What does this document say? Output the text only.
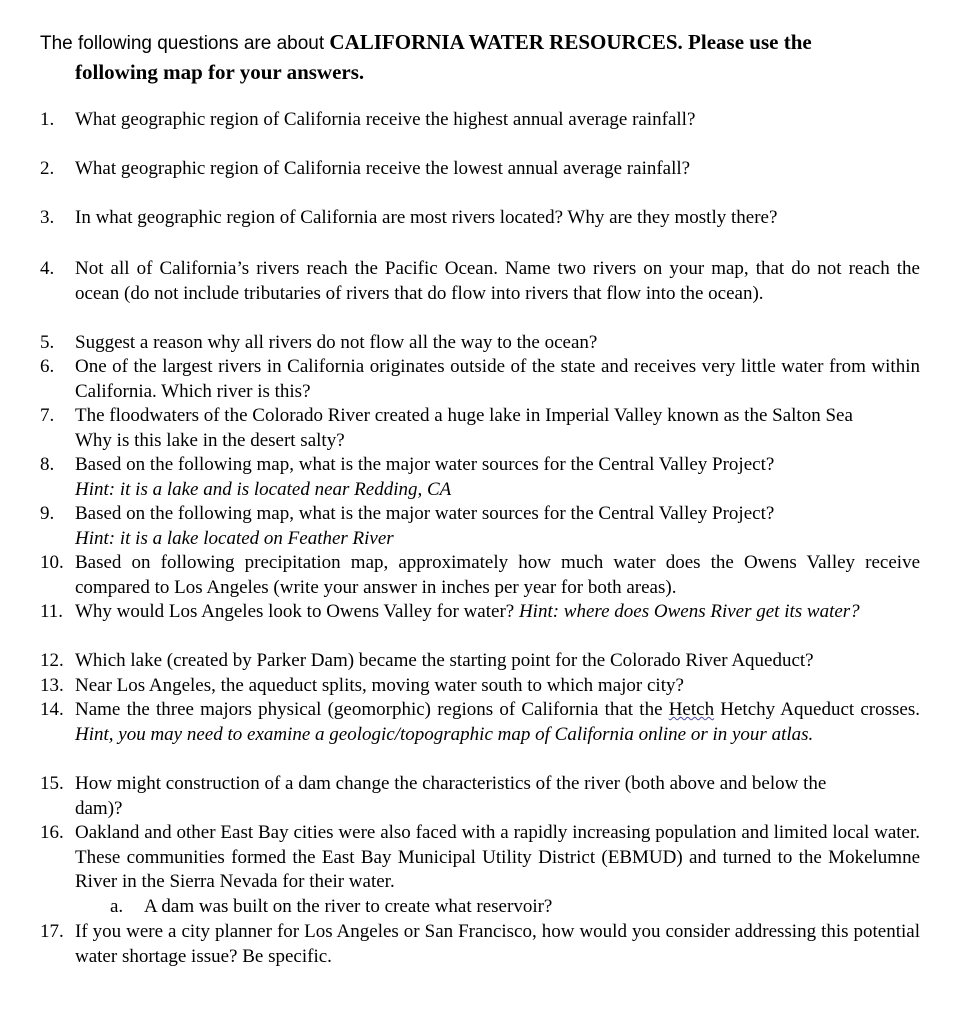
The following questions are about CALIFORNIA WATER RESOURCES. Please use the
following map for your answers.
1. What geographic region of California receive the highest annual average rainfall?
2. What geographic region of California receive the lowest annual average rainfall?
3. In what geographic region of California are most rivers located? Why are they mostly there?
4. Not all of California’s rivers reach the Pacific Ocean. Name two rivers on your map, that do not reach the ocean (do not include tributaries of rivers that do flow into rivers that flow into the ocean).
5. Suggest a reason why all rivers do not flow all the way to the ocean?
6. One of the largest rivers in California originates outside of the state and receives very little water from within California. Which river is this?
7. The floodwaters of the Colorado River created a huge lake in Imperial Valley known as the Salton Sea Why is this lake in the desert salty?
8. Based on the following map, what is the major water sources for the Central Valley Project?
Hint: it is a lake and is located near Redding, CA
9. Based on the following map, what is the major water sources for the Central Valley Project?
Hint: it is a lake located on Feather River
10. Based on following precipitation map, approximately how much water does the Owens Valley receive compared to Los Angeles (write your answer in inches per year for both areas).
11. Why would Los Angeles look to Owens Valley for water? Hint: where does Owens River get its water?
12. Which lake (created by Parker Dam) became the starting point for the Colorado River Aqueduct?
13. Near Los Angeles, the aqueduct splits, moving water south to which major city?
14. Name the three majors physical (geomorphic) regions of California that the Hetch Hetchy Aqueduct crosses. Hint, you may need to examine a geologic/topographic map of California online or in your atlas.
15. How might construction of a dam change the characteristics of the river (both above and below the dam)?
16. Oakland and other East Bay cities were also faced with a rapidly increasing population and limited local water. These communities formed the East Bay Municipal Utility District (EBMUD) and turned to the Mokelumne River in the Sierra Nevada for their water.
a. A dam was built on the river to create what reservoir?
17. If you were a city planner for Los Angeles or San Francisco, how would you consider addressing this potential water shortage issue? Be specific.
